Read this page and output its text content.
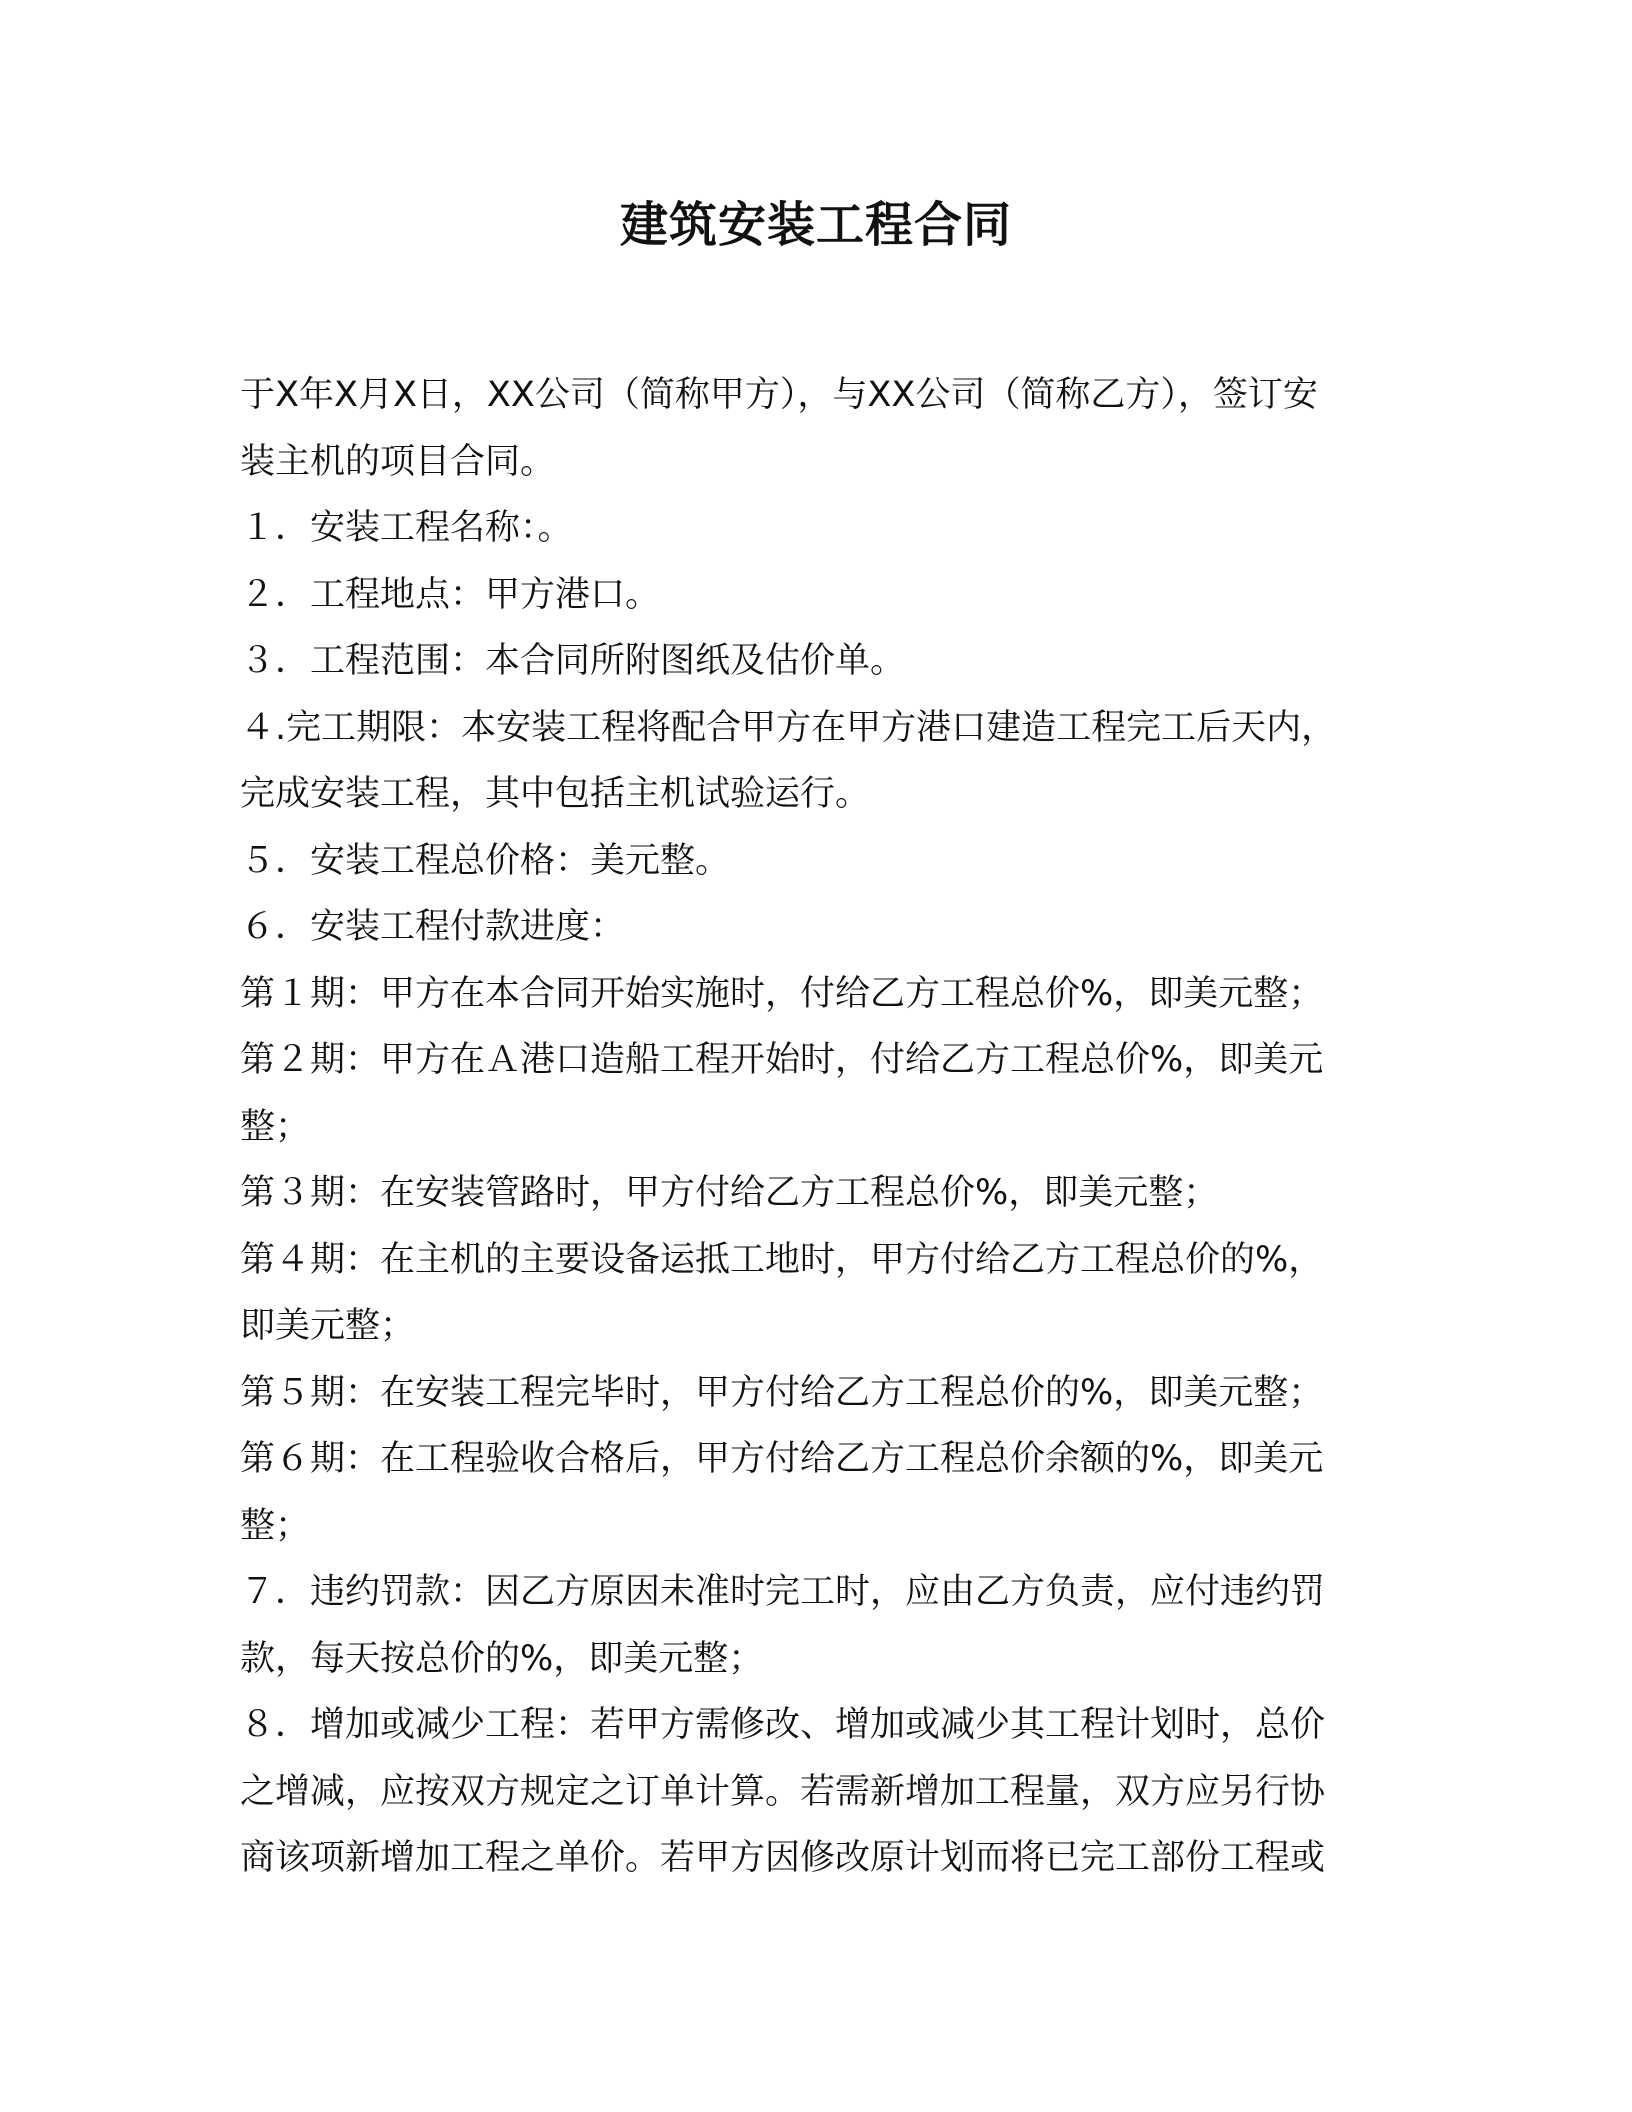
建筑安装工程合同

于X年X月X日，XX公司（简称甲方），与XX公司（简称乙方），签订安

装主机的项目合同。

１．安装工程名称：。

２．工程地点：甲方港口。

３．工程范围：本合同所附图纸及估价单。

４.完工期限：本安装工程将配合甲方在甲方港口建造工程完工后天内，

完成安装工程，其中包括主机试验运行。

５．安装工程总价格：美元整。

６．安装工程付款进度：

第１期：甲方在本合同开始实施时，付给乙方工程总价%，即美元整；

第２期：甲方在Ａ港口造船工程开始时，付给乙方工程总价%，即美元

整；

第３期：在安装管路时，甲方付给乙方工程总价%，即美元整；

第４期：在主机的主要设备运抵工地时，甲方付给乙方工程总价的%，

即美元整；

第５期：在安装工程完毕时，甲方付给乙方工程总价的%，即美元整；

第６期：在工程验收合格后，甲方付给乙方工程总价余额的%，即美元

整；

７．违约罚款：因乙方原因未准时完工时，应由乙方负责，应付违约罚

款，每天按总价的%，即美元整；

８．增加或减少工程：若甲方需修改、增加或减少其工程计划时，总价

之增减，应按双方规定之订单计算。若需新增加工程量，双方应另行协

商该项新增加工程之单价。若甲方因修改原计划而将已完工部份工程或
